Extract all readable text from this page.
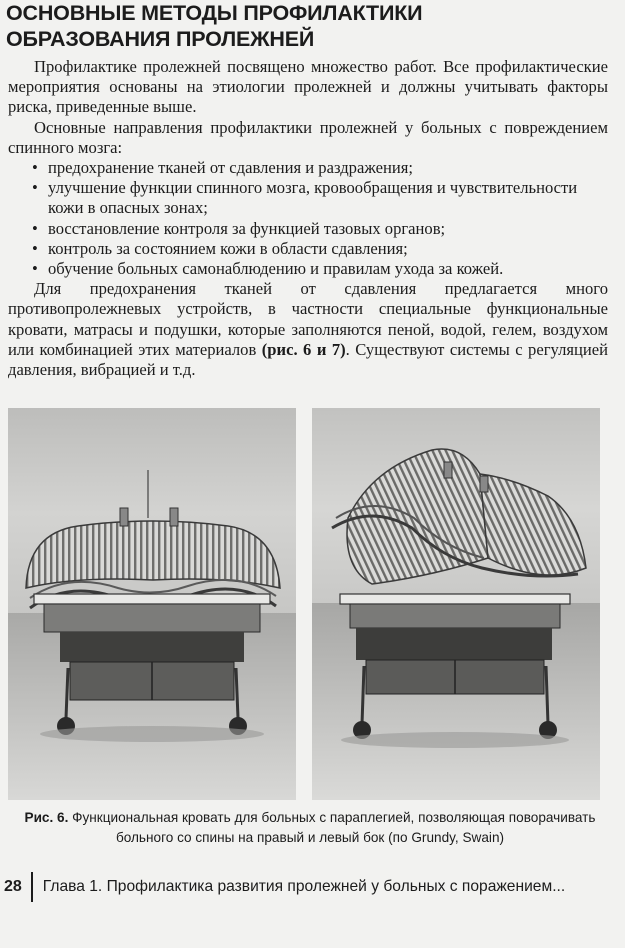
ОСНОВНЫЕ МЕТОДЫ ПРОФИЛАКТИКИ
ОБРАЗОВАНИЯ ПРОЛЕЖНЕЙ

Профилактике пролежней посвящено множество работ. Все профилактические мероприятия основаны на этиологии пролежней и должны учитывать факторы риска, приведенные выше.

Основные направления профилактики пролежней у больных с повреждением спинного мозга:

• предохранение тканей от сдавления и раздражения;
• улучшение функции спинного мозга, кровообращения и чувствительности кожи в опасных зонах;
• восстановление контроля за функцией тазовых органов;
• контроль за состоянием кожи в области сдавления;
• обучение больных самонаблюдению и правилам ухода за кожей.

Для предохранения тканей от сдавления предлагается много противопролежневых устройств, в частности специальные функциональные кровати, матрасы и подушки, которые заполняются пеной, водой, гелем, воздухом или комбинацией этих материалов (рис. 6 и 7). Существуют системы с регуляцией давления, вибрацией и т.д.

Рис. 6. Функциональная кровать для больных с параплегией, позволяющая поворачивать больного со спины на правый и левый бок (по Grundy, Swain)
28	Глава 1. Профилактика развития пролежней у больных с поражением...
